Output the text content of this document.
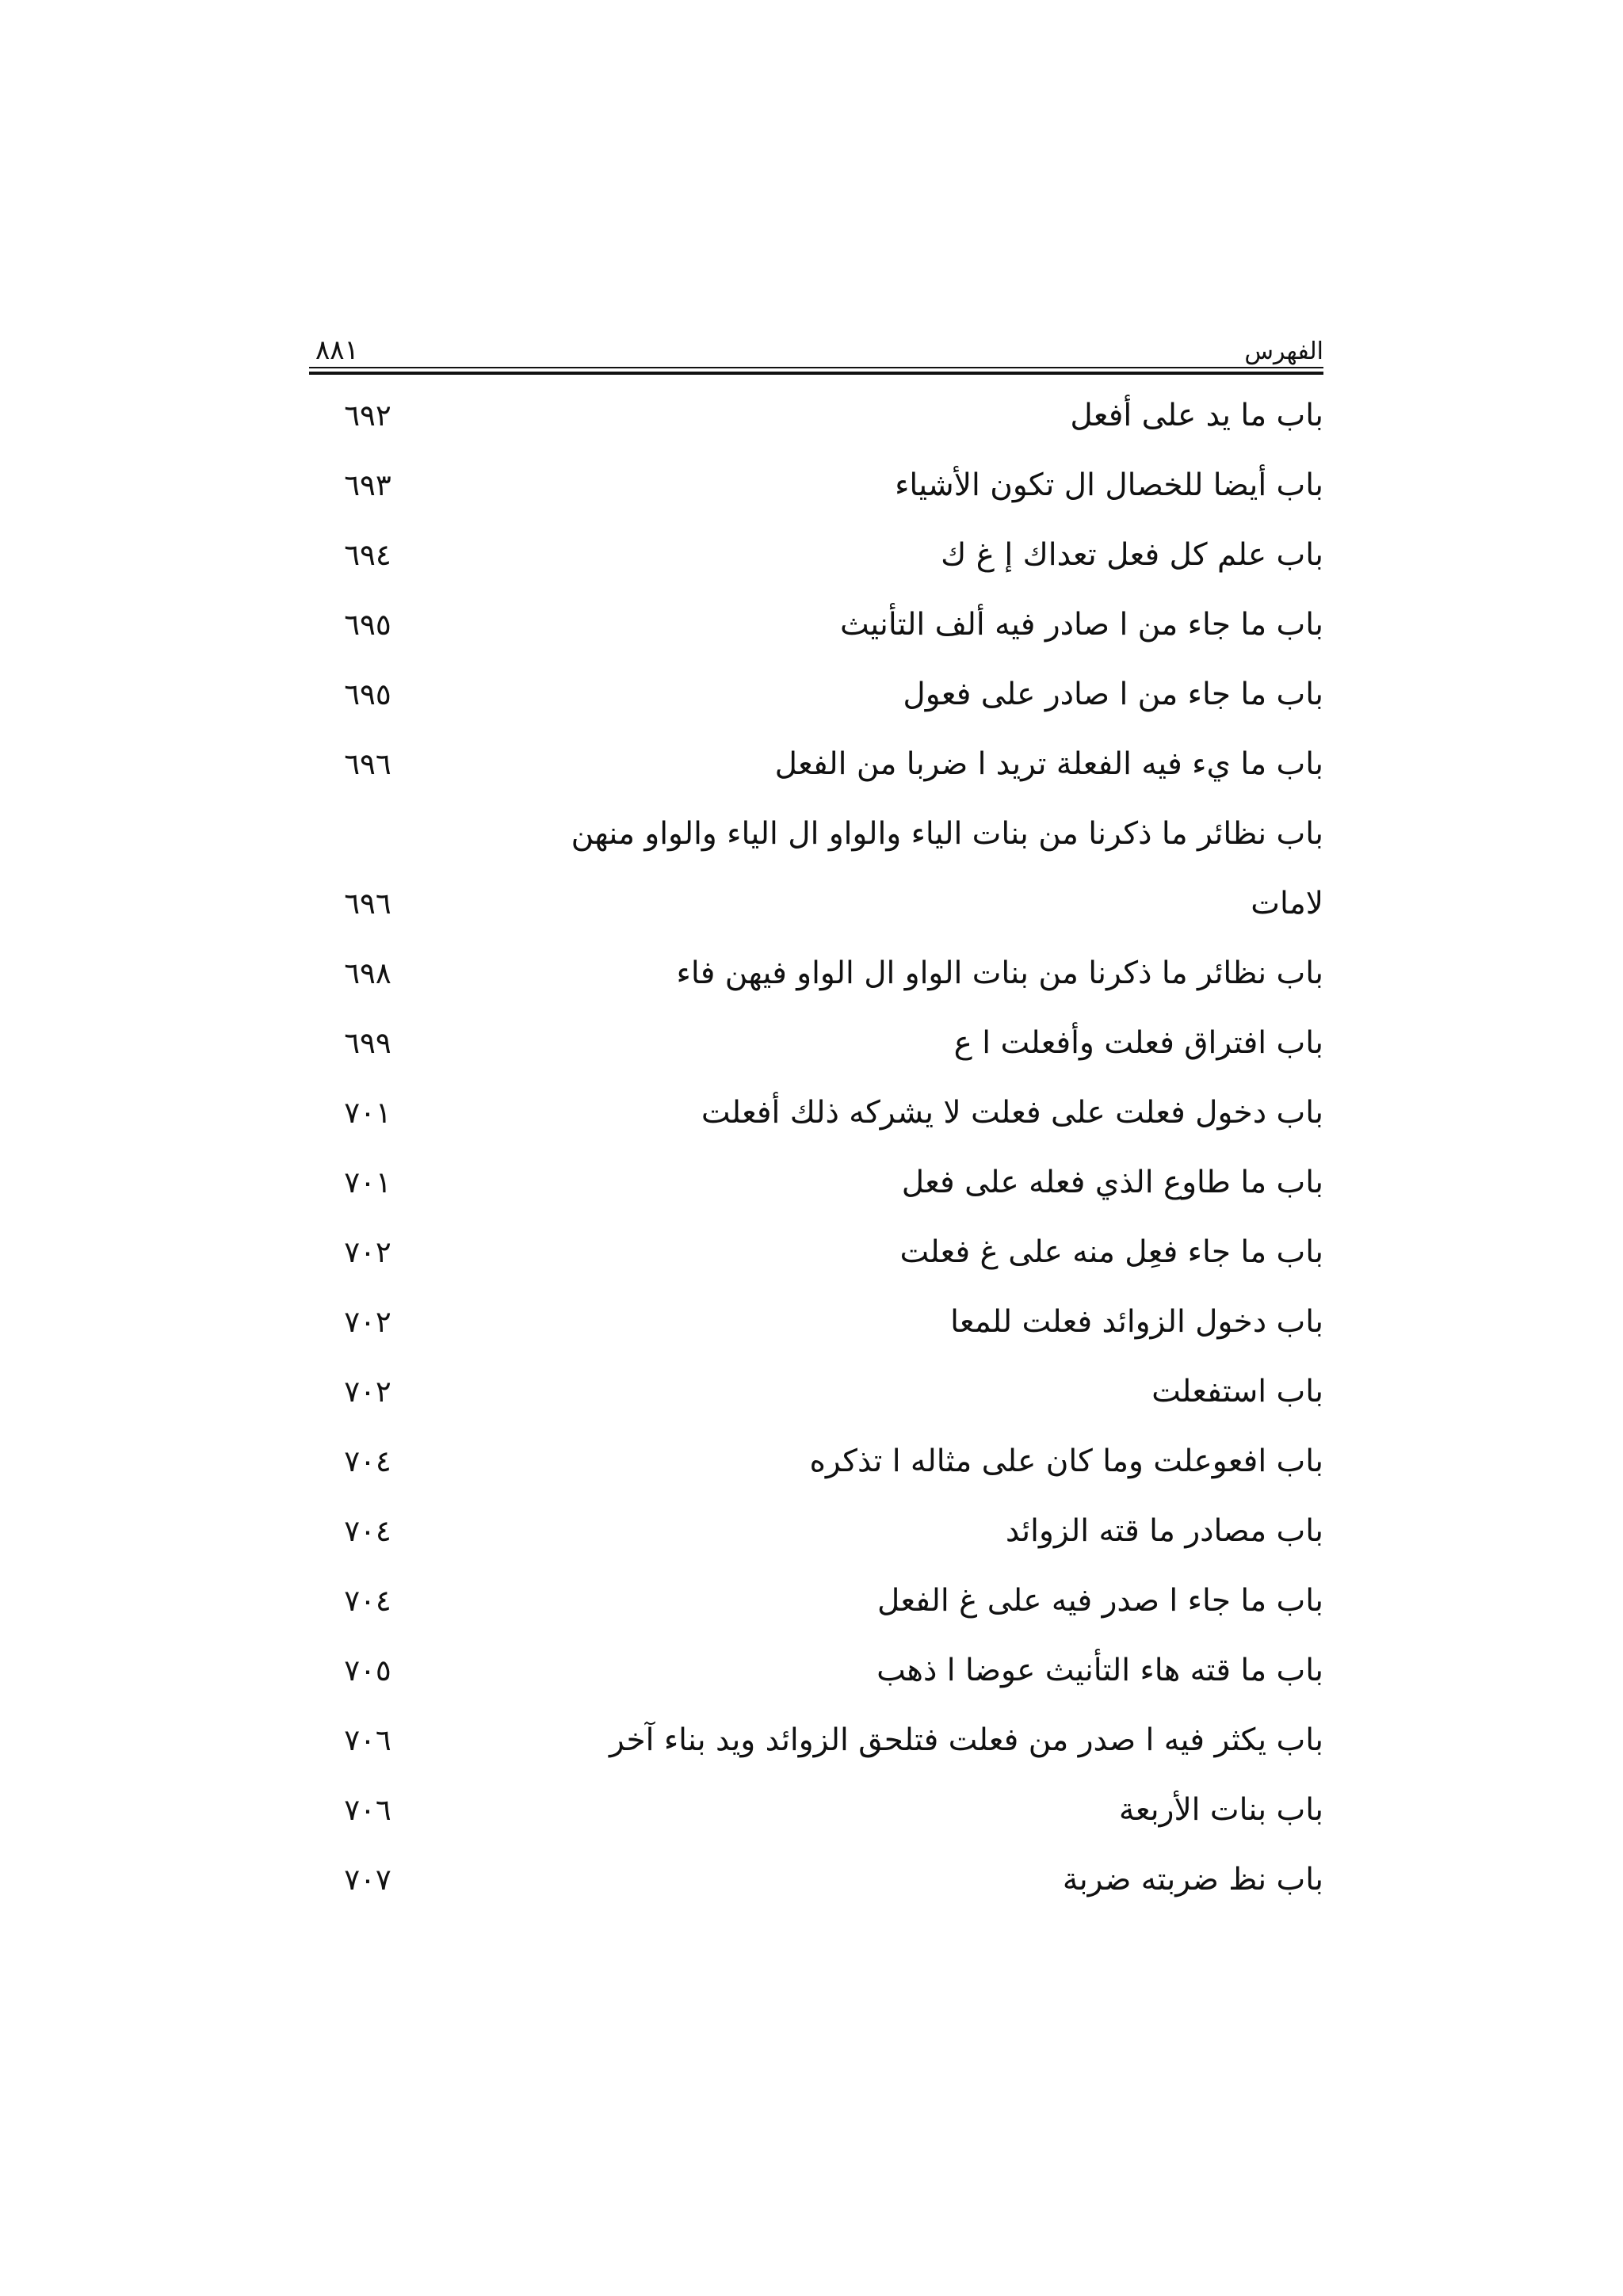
الفهرس
٨٨١
باب ما يد على أفعل
٦٩٢
باب أيضا للخصال ال تكون الأشياء
٦٩٣
باب علم كل فعل تعداك إ غ ك
٦٩٤
باب ما جاء من ا صادر فيه ألف التأنيث
٦٩٥
باب ما جاء من ا صادر على فعول
٦٩٥
باب ما يء فيه الفعلة تريد ا ضربا من الفعل
٦٩٦
باب نظائر ما ذكرنا من بنات الياء والواو ال الياء والواو منهن
لامات
٦٩٦
باب نظائر ما ذكرنا من بنات الواو ال الواو فيهن فاء
٦٩٨
باب افتراق فعلت وأفعلت ا ع
٦٩٩
باب دخول فعلت على فعلت لا يشركه ذلك أفعلت
٧٠١
باب ما طاوع الذي فعله على فعل
٧٠١
باب ما جاء فعِل منه على غ فعلت
٧٠٢
باب دخول الزوائد فعلت للمعا
٧٠٢
باب استفعلت
٧٠٢
باب افعوعلت وما كان على مثاله ا تذكره
٧٠٤
باب مصادر ما قته الزوائد
٧٠٤
باب ما جاء ا صدر فيه على غ الفعل
٧٠٤
باب ما قته هاء التأنيث عوضا ا ذهب
٧٠٥
باب يكثر فيه ا صدر من فعلت فتلحق الزوائد ويد بناء آخر
٧٠٦
باب بنات الأربعة
٧٠٦
باب نظ ضربته ضربة
٧٠٧
